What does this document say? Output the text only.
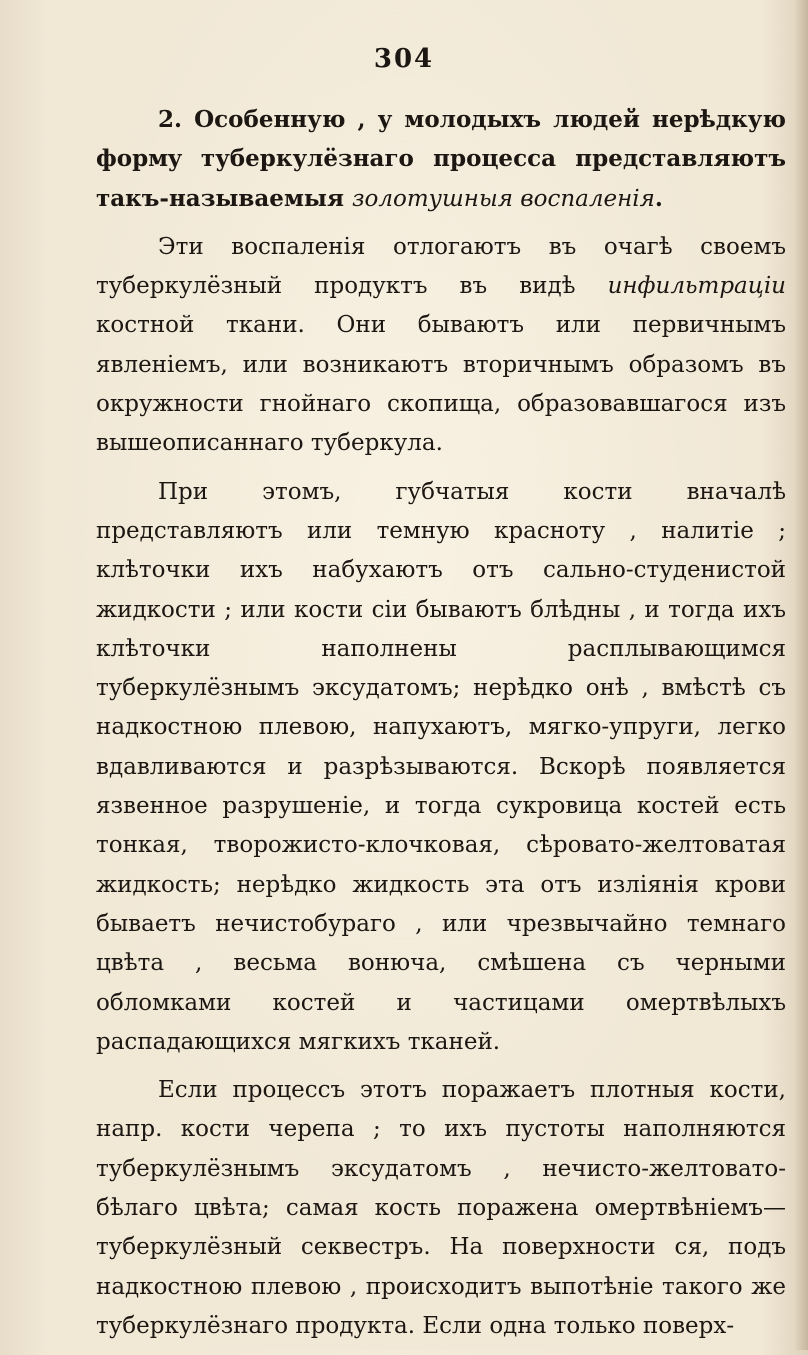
304

2. Особенную , у молодыхъ людей нерѣдкую формy туберкулёзнаго процесса представляютъ такъ-называемыя золотушныя воспаленія.

Эти воспаленія отлогаютъ въ очагѣ своемъ туберкулёзный продуктъ въ видѣ инфильтраціи костной ткани. Они бываютъ или первичнымъ явленіемъ, или возникаютъ вторичнымъ образомъ въ окружности гнойнаго скопища, образовавшагося изъ вышеописаннаго туберкула.

При этомъ, губчатыя кости вначалѣ представляютъ или темную красноту , налитіе ; клѣточки ихъ набухаютъ отъ сально-студенистой жидкости ; или кости сіи бываютъ блѣдны , и тогда ихъ клѣточки наполнены расплывающимся туберкулёзнымъ эксудатомъ; нерѣдко онѣ , вмѣстѣ съ надкостною плевою, напухаютъ, мягко-упруги, легко вдавливаются и разрѣзываются. Вскорѣ появляется язвенное разрушеніе, и тогда сукровица костей есть тонкая, творожисто-клочковая, сѣровато-желтоватая жидкость; нерѣдко жидкость эта отъ изліянія крови бываетъ нечистобураго , или чрезвычайно темнаго цвѣта , весьма вонюча, смѣшена съ черными обломками костей и частицами омертвѣлыхъ распадающихся мягкихъ тканей.

Если процессъ этотъ поражаетъ плотныя кости, напр. кости черепа ; то ихъ пустоты наполняются туберкулёзнымъ эксудатомъ , нечисто-желтовато-бѣлаго цвѣта; самая кость поражена омертвѣніемъ—туберкулёзный секвестръ. На поверхности ся, подъ надкостною плевою , происходитъ выпотѣніе такого же туберкулёзнаго продукта. Если одна только поверх-
